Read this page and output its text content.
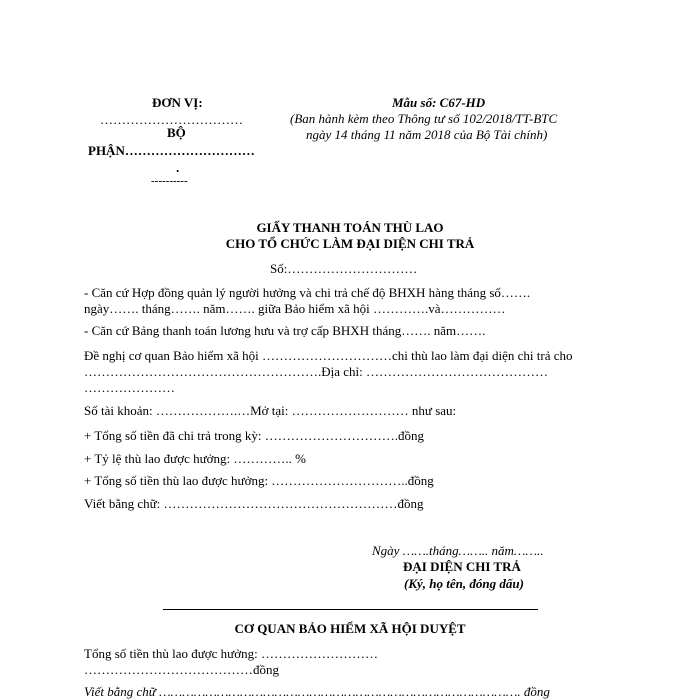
ĐƠN VỊ:
……………………………
BỘ
PHẬN…………………………
.
----------
Mẫu số: C67-HD
(Ban hành kèm theo Thông tư số 102/2018/TT-BTC
ngày 14 tháng 11 năm 2018 của Bộ Tài chính)
GIẤY THANH TOÁN THÙ LAO
CHO TỔ CHỨC LÀM ĐẠI DIỆN CHI TRẢ
Số:…………………………
- Căn cứ Hợp đồng quản lý người hưởng và chi trả chế độ BHXH hàng tháng số…….
ngày……. tháng……. năm……. giữa Bảo hiểm xã hội ………….và……………
- Căn cứ Bảng thanh toán lương hưu và trợ cấp BHXH tháng……. năm…….
Đề nghị cơ quan Bảo hiểm xã hội …………………………chi thù lao làm đại diện chi trả cho
……………………………………………….Địa chỉ: ……………………………………
…………………
Số tài khoản: ……………….…Mở tại: ……………………… như sau:
+ Tổng số tiền đã chi trả trong kỳ: ………………………….đồng
+ Tỷ lệ thù lao được hưởng: ………….. %
+ Tổng số tiền thù lao được hưởng: …………………………..đồng
Viết bằng chữ: ………………………………………………đồng
Ngày …….tháng…….. năm……..
ĐẠI DIỆN CHI TRẢ
(Ký, họ tên, đóng dấu)
CƠ QUAN BẢO HIỂM XÃ HỘI DUYỆT
Tổng số tiền thù lao được hưởng: ………………………
…………………………………đồng
Viết bằng chữ …………………………………………………………………………………. đồng
